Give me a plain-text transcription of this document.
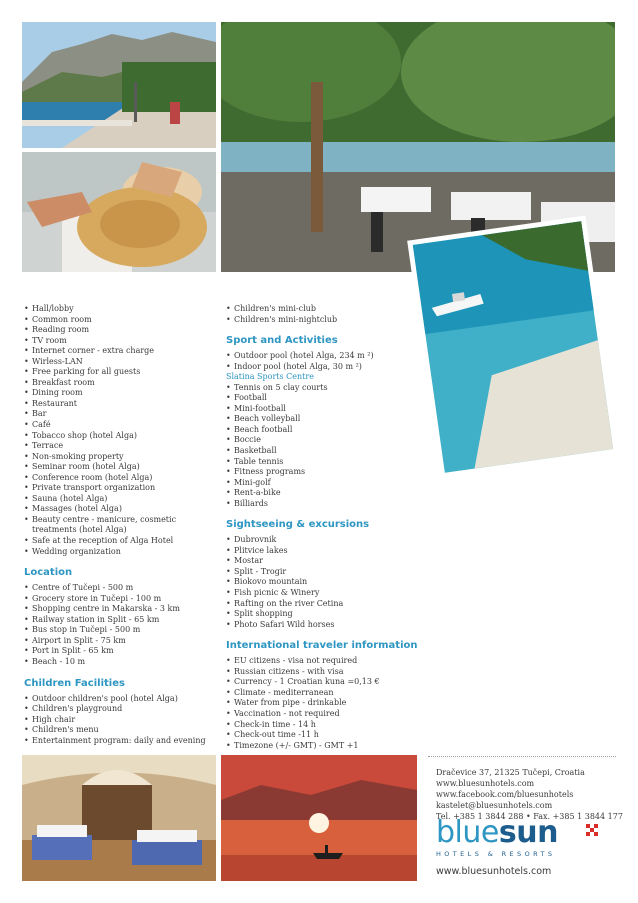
• Hall/lobby
• Common room
• Reading room
• TV room
• Internet corner - extra charge
• Wirless-LAN
• Free parking for all guests
• Breakfast room
• Dining room
• Restaurant
• Bar
• Café
• Tobacco shop (hotel Alga)
• Terrace
• Non-smoking property
• Seminar room (hotel Alga)
• Conference room (hotel Alga)
• Private transport organization
• Sauna (hotel Alga)
• Massages (hotel Alga)
• Beauty centre - manicure, cosmetic treatments (hotel Alga)
• Safe at the reception of Alga Hotel
• Wedding organization
Location
• Centre of Tučepi - 500 m
• Grocery store in Tučepi - 100 m
• Shopping centre in Makarska - 3 km
• Railway station in Split - 65 km
• Bus stop in Tučepi - 500 m
• Airport in Split - 75 km
• Port in Split - 65 km
• Beach - 10 m
Children Facilities
• Outdoor children's pool (hotel Alga)
• Children's playground
• High chair
• Children's menu
• Entertainment program: daily and evening
• Children's mini-club
• Children's mini-nightclub
Sport and Activities
• Outdoor pool (hotel Alga, 234 m ²)
• Indoor pool (hotel Alga, 30 m ²)
Slatina Sports Centre
• Tennis on 5 clay courts
• Football
• Mini-football
• Beach volleyball
• Beach football
• Boccie
• Basketball
• Table tennis
• Fitness programs
• Mini-golf
• Rent-a-bike
• Billiards
Sightseeing & excursions
• Dubrovnik
• Plitvice lakes
• Mostar
• Split - Trogir
• Biokovo mountain
• Fish picnic & Winery
• Rafting on the river Cetina
• Split shopping
• Photo Safari Wild horses
International traveler information
• EU citizens - visa not required
• Russian citizens - with visa
• Currency - 1 Croatian kuna =0,13 €
• Climate - mediterranean
• Water from pipe - drinkable
• Vaccination - not required
• Check-in time - 14 h
• Check-out time -11 h
• Timezone (+/- GMT) - GMT +1
Dračevice 37, 21325 Tučepi, Croatia
www.bluesunhotels.com
www.facebook.com/bluesunhotels
kastelet@bluesunhotels.com
Tel. +385 1 3844 288 • Fax. +385 1 3844 177
bluesun
HOTELS & RESORTS
www.bluesunhotels.com
